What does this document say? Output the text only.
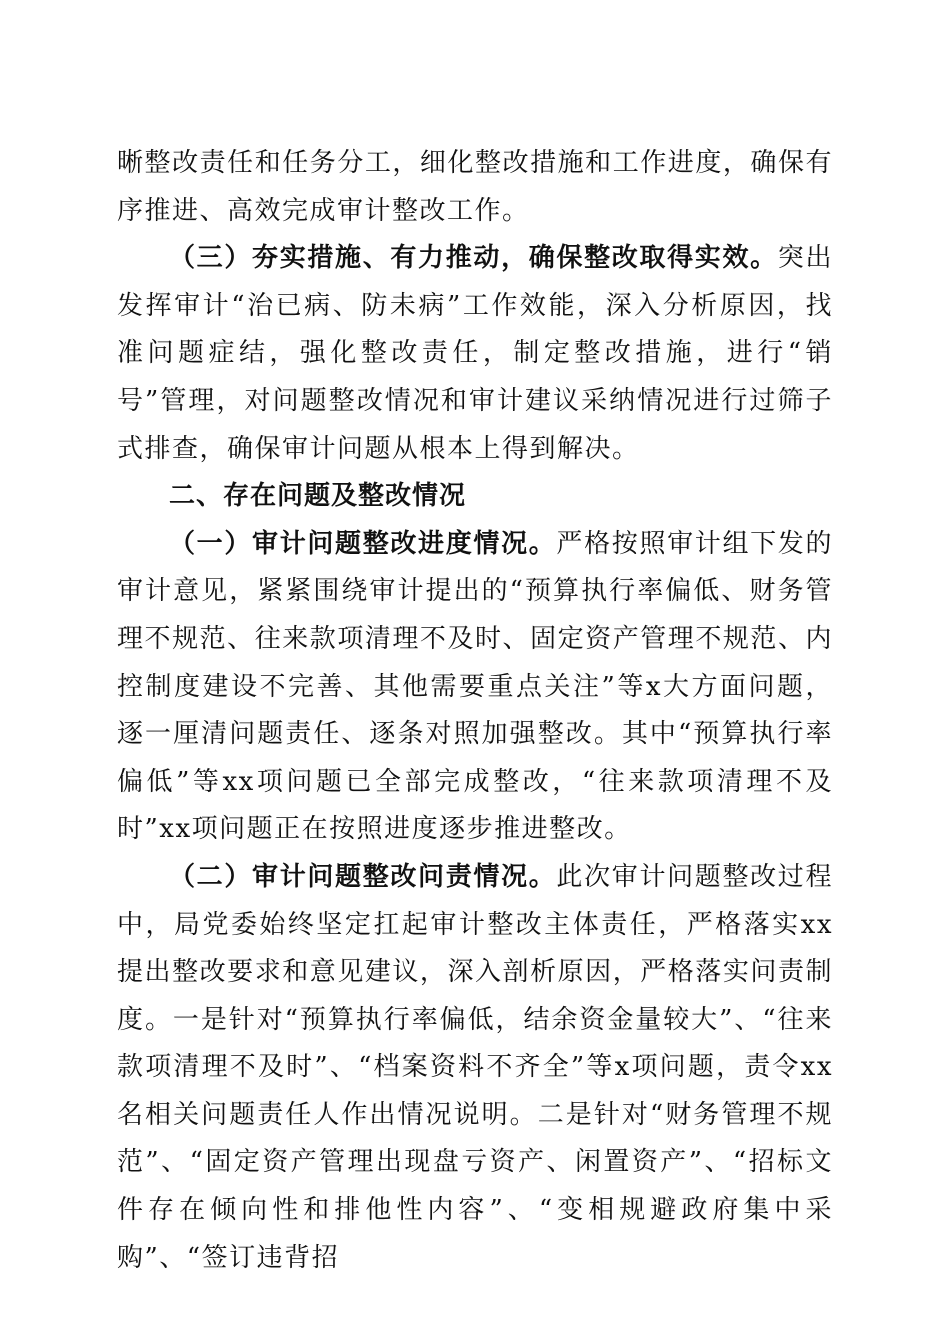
晰整改责任和任务分工，细化整改措施和工作进度，确保有序推进、高效完成审计整改工作。

（三）夯实措施、有力推动，确保整改取得实效。突出发挥审计“治已病、防未病”工作效能，深入分析原因，找准问题症结，强化整改责任，制定整改措施，进行“销号”管理，对问题整改情况和审计建议采纳情况进行过筛子式排查，确保审计问题从根本上得到解决。

二、存在问题及整改情况

（一）审计问题整改进度情况。严格按照审计组下发的审计意见，紧紧围绕审计提出的“预算执行率偏低、财务管理不规范、往来款项清理不及时、固定资产管理不规范、内控制度建设不完善、其他需要重点关注”等x大方面问题，逐一厘清问题责任、逐条对照加强整改。其中“预算执行率偏低”等xx项问题已全部完成整改，“往来款项清理不及时”xx项问题正在按照进度逐步推进整改。

（二）审计问题整改问责情况。此次审计问题整改过程中，局党委始终坚定扛起审计整改主体责任，严格落实xx提出整改要求和意见建议，深入剖析原因，严格落实问责制度。一是针对“预算执行率偏低，结余资金量较大”、“往来款项清理不及时”、“档案资料不齐全”等x项问题，责令xx名相关问题责任人作出情况说明。二是针对“财务管理不规范”、“固定资产管理出现盘亏资产、闲置资产”、“招标文件存在倾向性和排他性内容”、“变相规避政府集中采购”、“签订违背招
